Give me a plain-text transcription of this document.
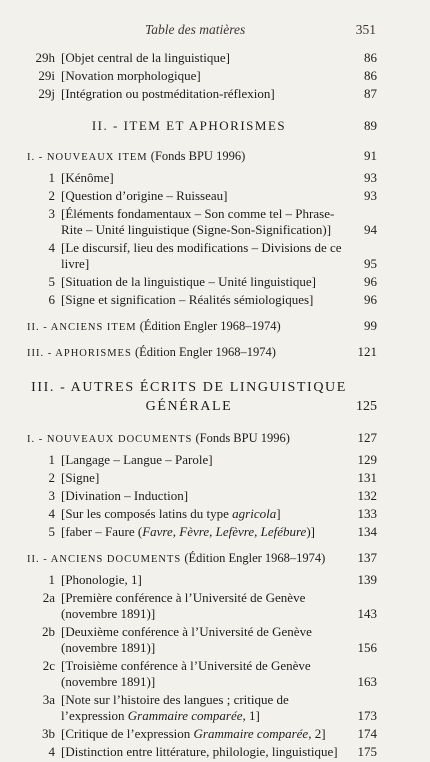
Table des matières	351
29h [Objet central de la linguistique]	86
29i [Novation morphologique]	86
29j [Intégration ou postméditation-réflexion]	87
II. - ITEM ET APHORISMES	89
I. - NOUVEAUX ITEM (Fonds BPU 1996)	91
1 [Kénôme]	93
2 [Question d’origine – Ruisseau]	93
3 [Éléments fondamentaux – Son comme tel – Phrase-Rite – Unité linguistique (Signe-Son-Signification)]	94
4 [Le discursif, lieu des modifications – Divisions de ce livre]	95
5 [Situation de la linguistique – Unité linguistique]	96
6 [Signe et signification – Réalités sémiologiques]	96
II. - ANCIENS ITEM (Édition Engler 1968–1974)	99
III. - APHORISMES (Édition Engler 1968–1974)	121
III. - AUTRES ÉCRITS DE LINGUISTIQUE
GÉNÉRALE	125
I. - NOUVEAUX DOCUMENTS (Fonds BPU 1996)	127
1 [Langage – Langue – Parole]	129
2 [Signe]	131
3 [Divination – Induction]	132
4 [Sur les composés latins du type agricola]	133
5 [faber – Faure (Favre, Fèvre, Lefèvre, Lefébure)]	134
II. - ANCIENS DOCUMENTS (Édition Engler 1968–1974)	137
1 [Phonologie, 1]	139
2a [Première conférence à l’Université de Genève (novembre 1891)]	143
2b [Deuxième conférence à l’Université de Genève (novembre 1891)]	156
2c [Troisième conférence à l’Université de Genève (novembre 1891)]	163
3a [Note sur l’histoire des langues ; critique de l’expression Grammaire comparée, 1]	173
3b [Critique de l’expression Grammaire comparée, 2]	174
4 [Distinction entre littérature, philologie, linguistique]	175
